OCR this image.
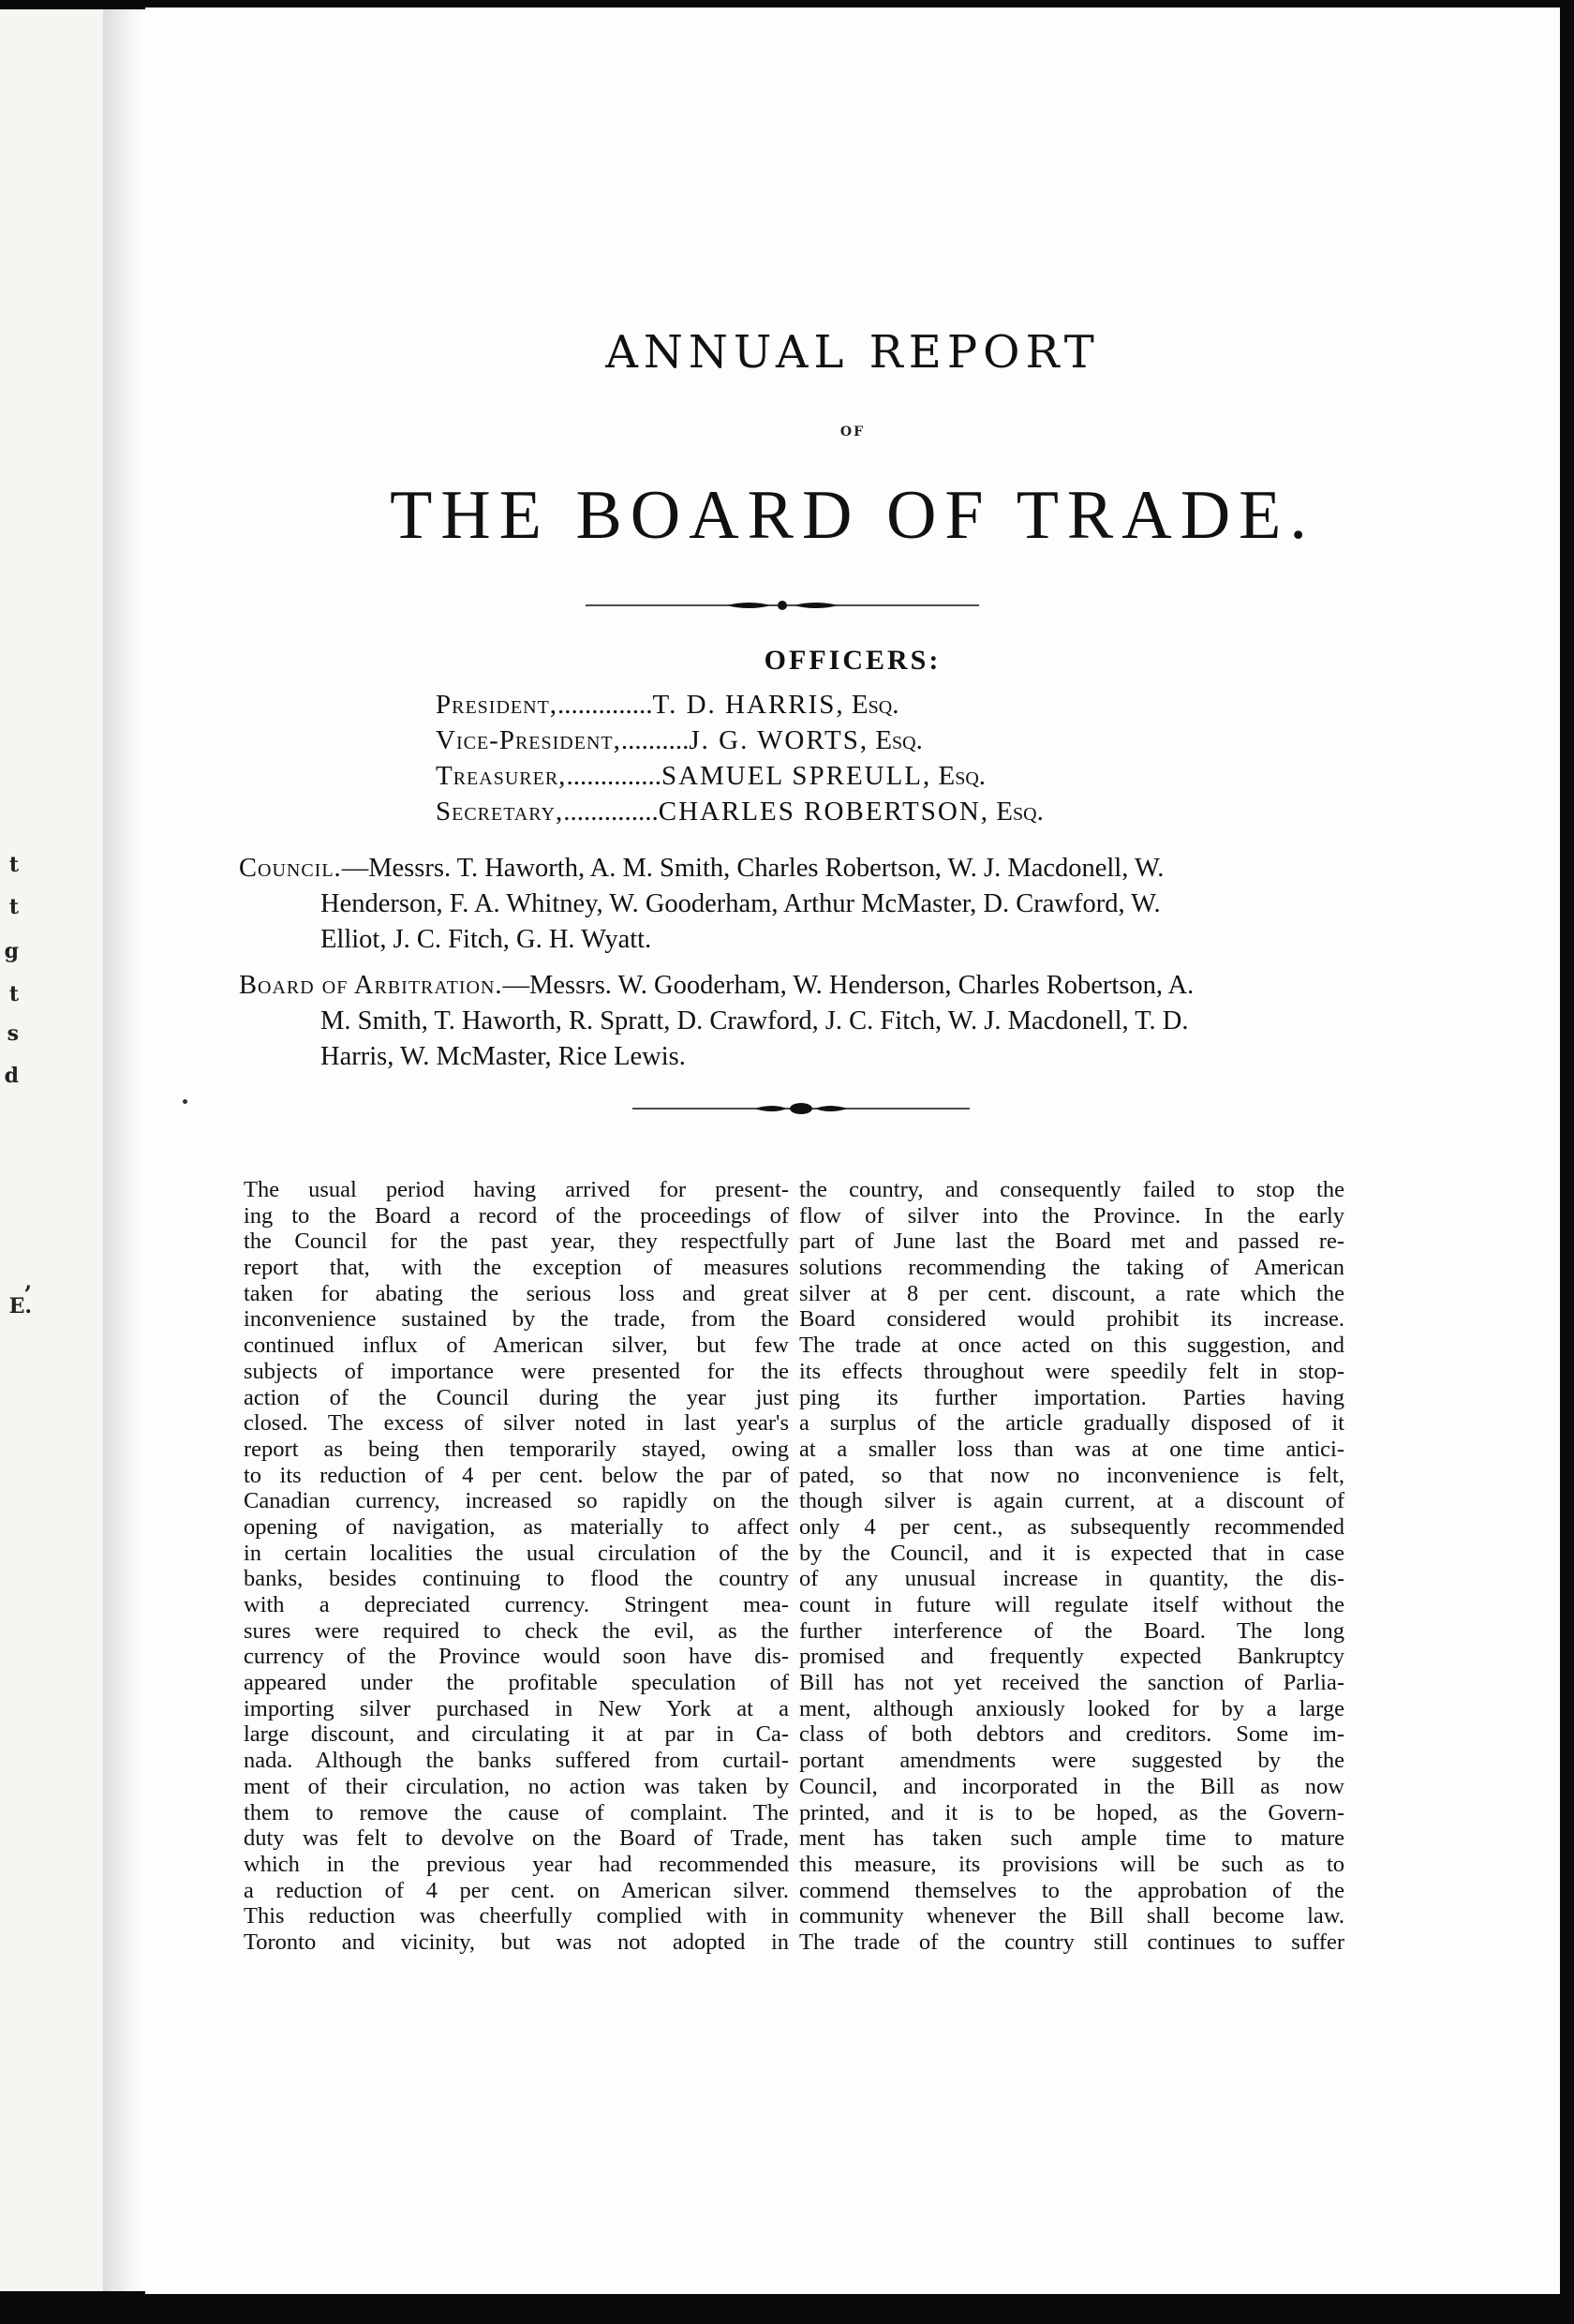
t
t
g
t
s
d
, E.
ANNUAL REPORT
OF
THE BOARD OF TRADE.
OFFICERS:
President,..............T. D. HARRIS, Esq.
Vice-President,..........J. G. WORTS, Esq.
Treasurer,..............SAMUEL SPREULL, Esq.
Secretary,..............CHARLES ROBERTSON, Esq.
Council.—Messrs. T. Haworth, A. M. Smith, Charles Robertson, W. J. Macdonell, W.
Henderson, F. A. Whitney, W. Gooderham, Arthur McMaster, D. Crawford, W.
Elliot, J. C. Fitch, G. H. Wyatt.
Board of Arbitration.—Messrs. W. Gooderham, W. Henderson, Charles Robertson, A.
M. Smith, T. Haworth, R. Spratt, D. Crawford, J. C. Fitch, W. J. Macdonell, T. D.
Harris, W. McMaster, Rice Lewis.
The usual period having arrived for present-
ing to the Board a record of the proceedings of
the Council for the past year, they respectfully
report that, with the exception of measures
taken for abating the serious loss and great
inconvenience sustained by the trade, from the
continued influx of American silver, but few
subjects of importance were presented for the
action of the Council during the year just
closed. The excess of silver noted in last year's
report as being then temporarily stayed, owing
to its reduction of 4 per cent. below the par of
Canadian currency, increased so rapidly on the
opening of navigation, as materially to affect
in certain localities the usual circulation of the
banks, besides continuing to flood the country
with a depreciated currency. Stringent mea-
sures were required to check the evil, as the
currency of the Province would soon have dis-
appeared under the profitable speculation of
importing silver purchased in New York at a
large discount, and circulating it at par in Ca-
nada. Although the banks suffered from curtail-
ment of their circulation, no action was taken by
them to remove the cause of complaint. The
duty was felt to devolve on the Board of Trade,
which in the previous year had recommended
a reduction of 4 per cent. on American silver.
This reduction was cheerfully complied with in
Toronto and vicinity, but was not adopted in
the country, and consequently failed to stop the
flow of silver into the Province. In the early
part of June last the Board met and passed re-
solutions recommending the taking of American
silver at 8 per cent. discount, a rate which the
Board considered would prohibit its increase.
The trade at once acted on this suggestion, and
its effects throughout were speedily felt in stop-
ping its further importation. Parties having
a surplus of the article gradually disposed of it
at a smaller loss than was at one time antici-
pated, so that now no inconvenience is felt,
though silver is again current, at a discount of
only 4 per cent., as subsequently recommended
by the Council, and it is expected that in case
of any unusual increase in quantity, the dis-
count in future will regulate itself without the
further interference of the Board. The long
promised and frequently expected Bankruptcy
Bill has not yet received the sanction of Parlia-
ment, although anxiously looked for by a large
class of both debtors and creditors. Some im-
portant amendments were suggested by the
Council, and incorporated in the Bill as now
printed, and it is to be hoped, as the Govern-
ment has taken such ample time to mature
this measure, its provisions will be such as to
commend themselves to the approbation of the
community whenever the Bill shall become law.
The trade of the country still continues to suffer
